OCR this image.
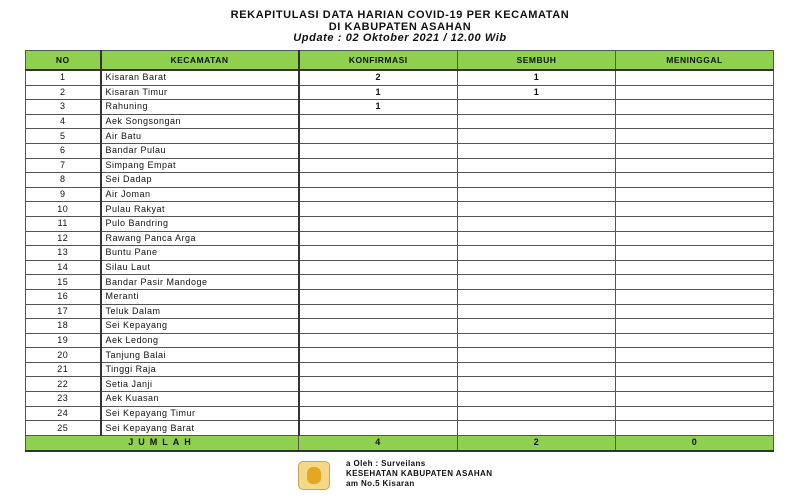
REKAPITULASI DATA HARIAN COVID-19 PER KECAMATAN
DI KABUPATEN ASAHAN
Update : 02 Oktober 2021 / 12.00 Wib
NO	KECAMATAN	KONFIRMASI	SEMBUH	MENINGGAL
1	Kisaran Barat	2	1	
2	Kisaran Timur	1	1	
3	Rahuning	1		
4	Aek Songsongan			
5	Air Batu			
6	Bandar Pulau			
7	Simpang Empat			
8	Sei Dadap			
9	Air Joman			
10	Pulau Rakyat			
11	Pulo Bandring			
12	Rawang Panca Arga			
13	Buntu Pane			
14	Silau Laut			
15	Bandar Pasir Mandoge			
16	Meranti			
17	Teluk Dalam			
18	Sei Kepayang			
19	Aek Ledong			
20	Tanjung Balai			
21	Tinggi Raja			
22	Setia Janji			
23	Aek Kuasan			
24	Sei Kepayang Timur			
25	Sei Kepayang Barat			
JUMLAH		4	2	0
a Oleh : Surveilans
KESEHATAN KABUPATEN ASAHAN
am No.5 Kisaran
